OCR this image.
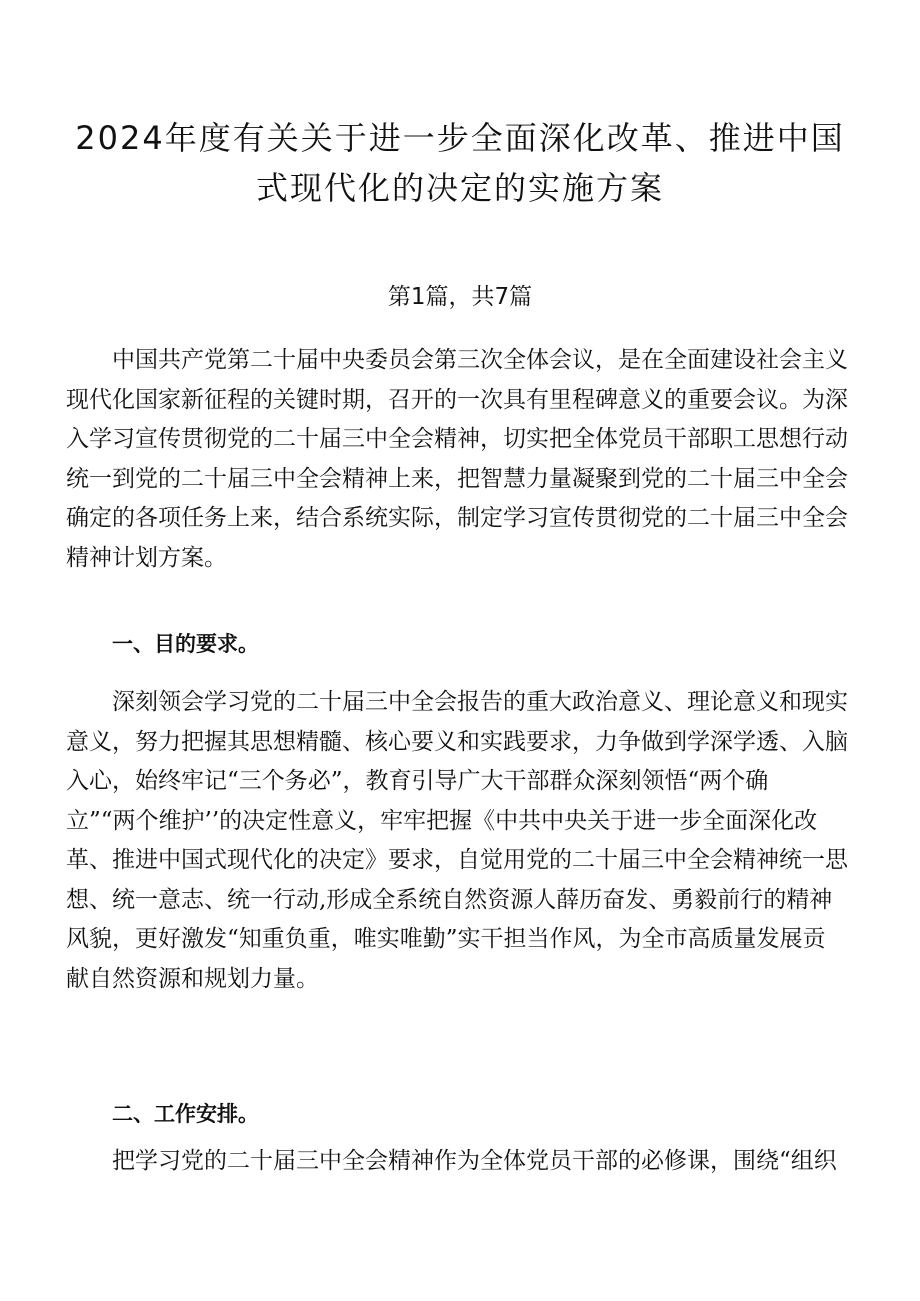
2024年度有关关于进一步全面深化改革、推进中国
式现代化的决定的实施方案
第1篇，共7篇
　　中国共产党第二十届中央委员会第三次全体会议，是在全面建设社会主义
现代化国家新征程的关键时期，召开的一次具有里程碑意义的重要会议。为深
入学习宣传贯彻党的二十届三中全会精神，切实把全体党员干部职工思想行动
统一到党的二十届三中全会精神上来，把智慧力量凝聚到党的二十届三中全会
确定的各项任务上来，结合系统实际，制定学习宣传贯彻党的二十届三中全会
精神计划方案。
一、目的要求。
　　深刻领会学习党的二十届三中全会报告的重大政治意义、理论意义和现实
意义，努力把握其思想精髓、核心要义和实践要求，力争做到学深学透、入脑
入心，始终牢记“三个务必”，教育引导广大干部群众深刻领悟“两个确
立”“两个维护’’的决定性意义，牢牢把握《中共中央关于进一步全面深化改
革、推进中国式现代化的决定》要求，自觉用党的二十届三中全会精神统一思
想、统一意志、统一行动,形成全系统自然资源人薛历奋发、勇毅前行的精神
风貌，更好激发“知重负重，唯实唯勤”实干担当作风，为全市高质量发展贡
献自然资源和规划力量。
二、工作安排。
　　把学习党的二十届三中全会精神作为全体党员干部的必修课，围绕“组织
